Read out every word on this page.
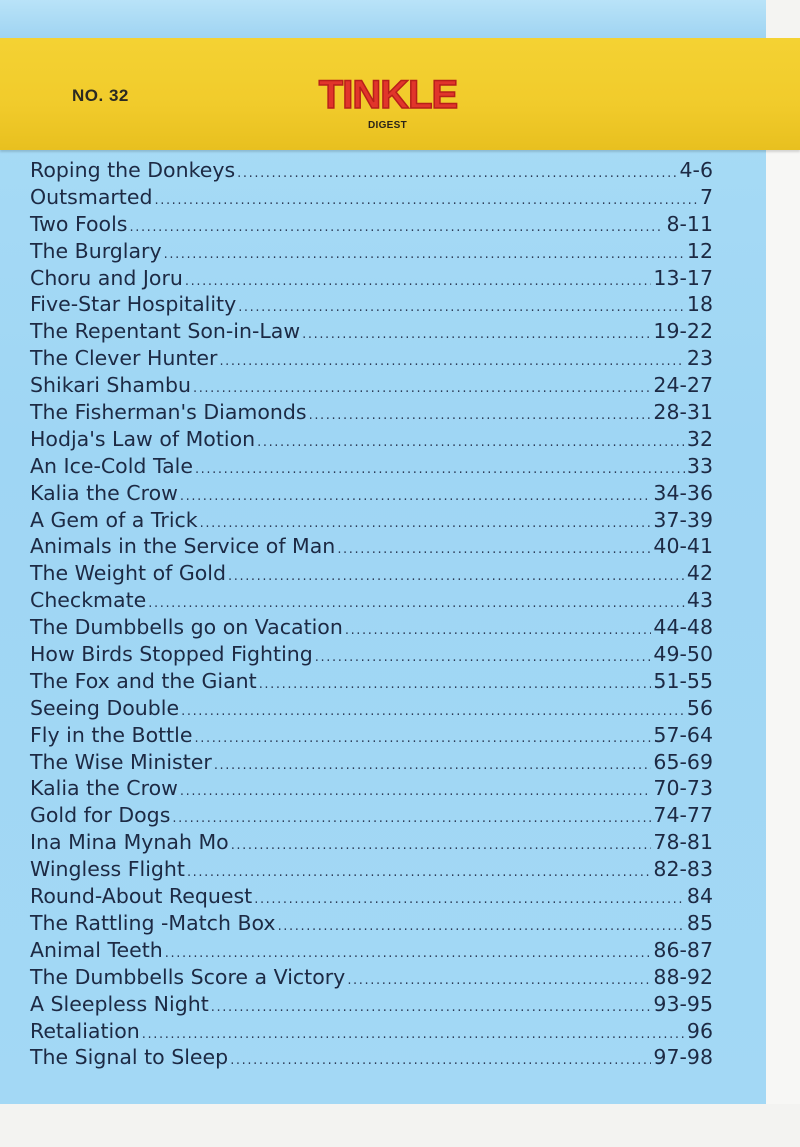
NO. 32	TINKLE
DIGEST
Roping the Donkeys .....	4-6
Outsmarted .....	7
Two Fools .....	8-11
The Burglary .....	12
Choru and Joru .....	13-17
Five-Star Hospitality .....	18
The Repentant Son-in-Law .....	19-22
The Clever Hunter .....	23
Shikari Shambu .....	24-27
The Fisherman's Diamonds .....	28-31
Hodja's Law of Motion .....	32
An Ice-Cold Tale .....	33
Kalia the Crow .....	34-36
A Gem of a Trick .....	37-39
Animals in the Service of Man .....	40-41
The Weight of Gold .....	42
Checkmate .....	43
The Dumbbells go on Vacation .....	44-48
How Birds Stopped Fighting .....	49-50
The Fox and the Giant .....	51-55
Seeing Double .....	56
Fly in the Bottle .....	57-64
The Wise Minister .....	65-69
Kalia the Crow .....	70-73
Gold for Dogs .....	74-77
Ina Mina Mynah Mo .....	78-81
Wingless Flight .....	82-83
Round-About Request .....	84
The Rattling -Match Box .....	85
Animal Teeth .....	86-87
The Dumbbells Score a Victory .....	88-92
A Sleepless Night .....	93-95
Retaliation .....	96
The Signal to Sleep .....	97-98
